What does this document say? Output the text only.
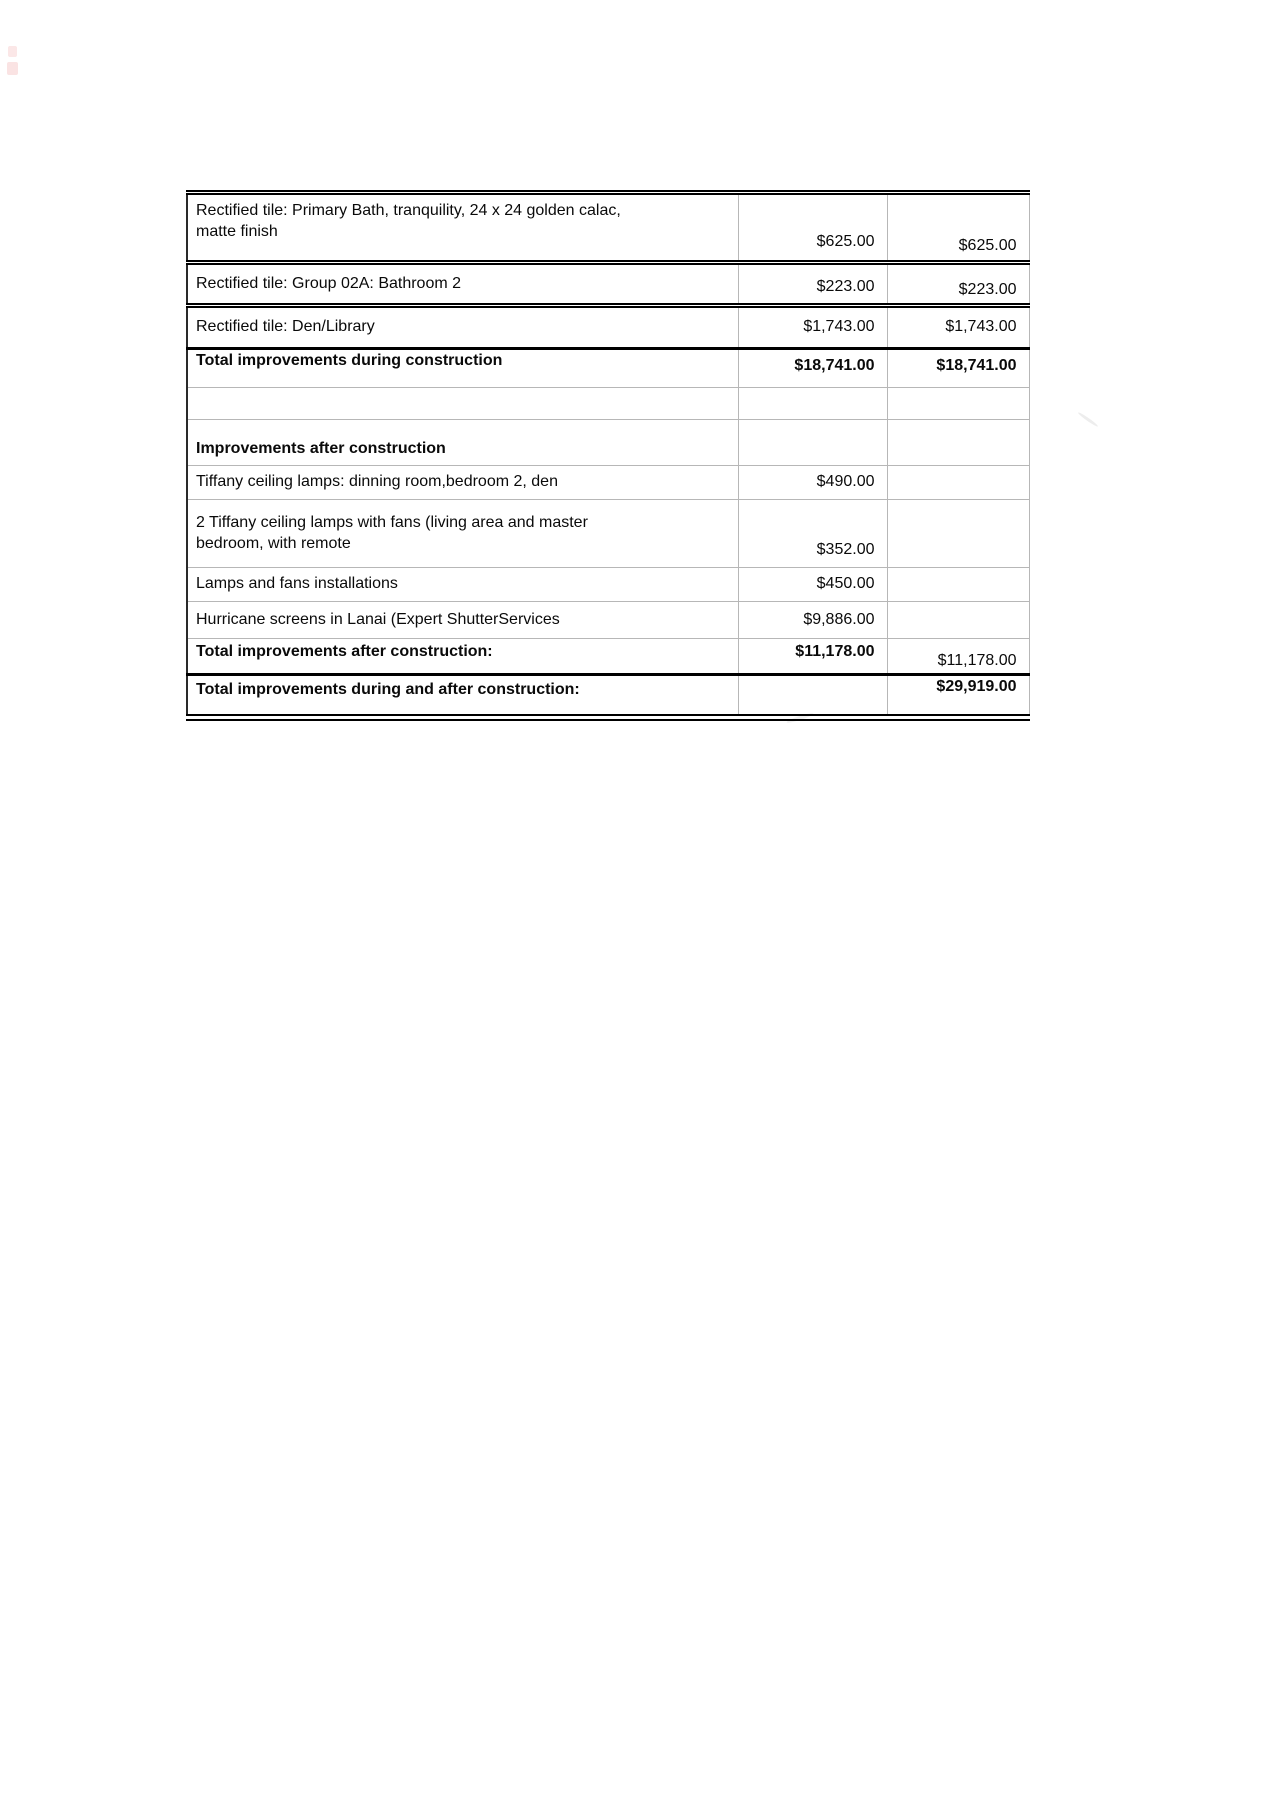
Rectified tile: Primary Bath, tranquility, 24 x 24 golden calac,
matte finish	$625.00	$625.00

Rectified tile: Group 02A: Bathroom 2	$223.00	$223.00

Rectified tile: Den/Library	$1,743.00	$1,743.00

Total improvements during construction	$18,741.00	$18,741.00

Improvements after construction		

Tiffany ceiling lamps: dinning room,bedroom 2, den	$490.00	

2 Tiffany ceiling lamps with fans (living area and master
bedroom, with remote	$352.00	

Lamps and fans installations	$450.00	

Hurricane screens in Lanai (Expert ShutterServices	$9,886.00	

Total improvements after construction:	$11,178.00	$11,178.00

Total improvements during and after construction:		$29,919.00
